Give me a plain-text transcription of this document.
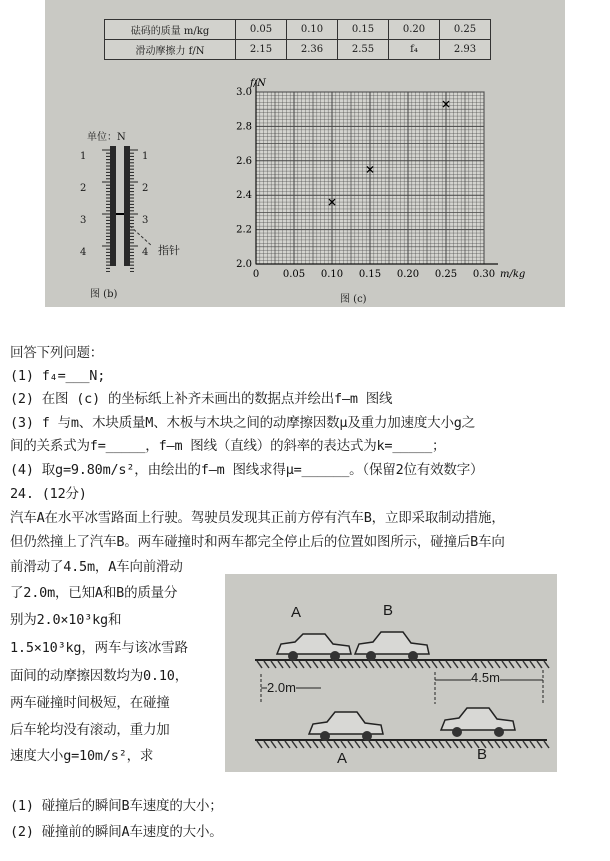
砝码的质量 m/kg	0.05	0.10	0.15	0.20	0.25
滑动摩擦力 f/N	2.15	2.36	2.55	f₄	2.93
单位：N
1
2
3
4
1
2
3
4 指针
图 (b)
0 0.05 0.10 0.15 0.20 0.25 0.30
2.0
2.2
2.4
2.6
2.8
3.0
m/kg
f/N
图 (c)
回答下列问题：
(1) f₄=___N;
(2) 在图 (c) 的坐标纸上补齐未画出的数据点并绘出f–m 图线
(3) f 与m、木块质量M、木板与木块之间的动摩擦因数μ及重力加速度大小g之
间的关系式为f=_____，f–m 图线（直线）的斜率的表达式为k=_____；
(4) 取g=9.80m/s²，由绘出的f–m 图线求得μ=______。（保留2位有效数字）
24. (12分)
汽车A在水平冰雪路面上行驶。驾驶员发现其正前方停有汽车B，立即采取制动措施，
但仍然撞上了汽车B。两车碰撞时和两车都完全停止后的位置如图所示，碰撞后B车向
前滑动了4.5m，A车向前滑动
了2.0m，已知A和B的质量分
别为2.0×10³kg和
1.5×10³kg，两车与该冰雪路
面间的动摩擦因数均为0.10，
两车碰撞时间极短，在碰撞
后车轮均没有滚动，重力加
速度大小g=10m/s²，求
(1) 碰撞后的瞬间B车速度的大小；
(2) 碰撞前的瞬间A车速度的大小。
A	B
2.0m
4.5m
A	B
